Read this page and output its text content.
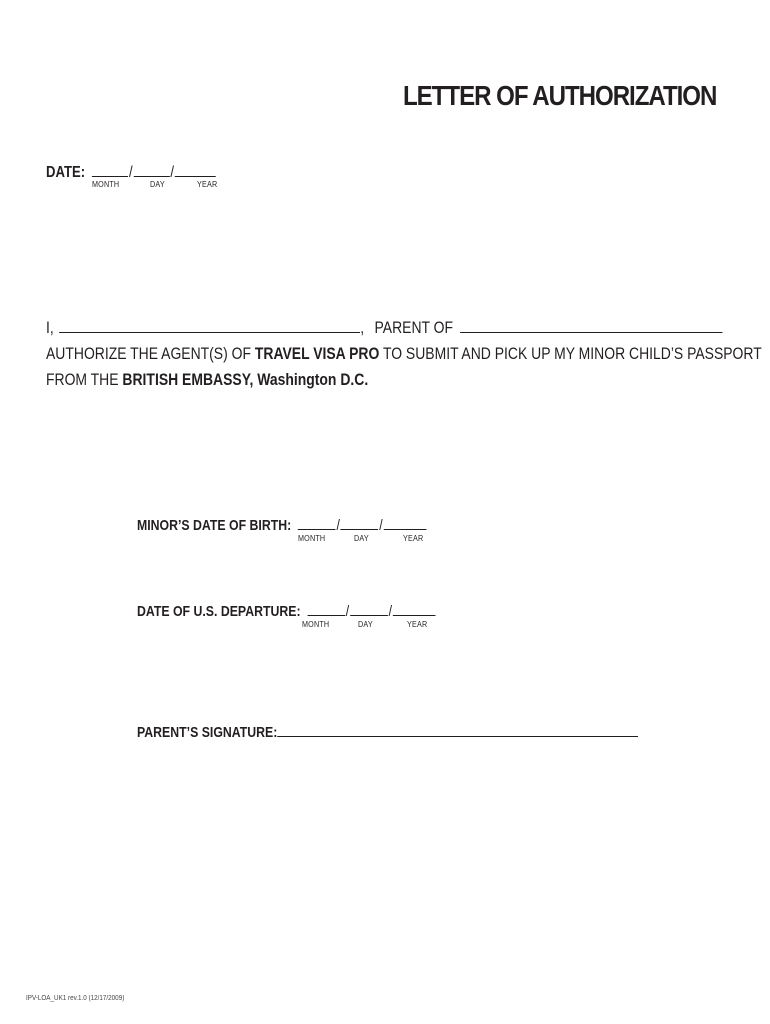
LETTER OF AUTHORIZATION
DATE:	/ /
MONTH	DAY	YEAR
I,	, PARENT OF
AUTHORIZE THE AGENT(S) OF TRAVEL VISA PRO TO SUBMIT AND PICK UP MY MINOR CHILD’S PASSPORT
FROM THE BRITISH EMBASSY, Washington D.C.
MINOR’S DATE OF BIRTH:	/	/
MONTH	DAY	YEAR
DATE OF U.S. DEPARTURE:	/	/
MONTH	DAY	YEAR
PARENT’S SIGNATURE:
IPV-LOA_UK1 rev.1.0 (12/17/2009)
